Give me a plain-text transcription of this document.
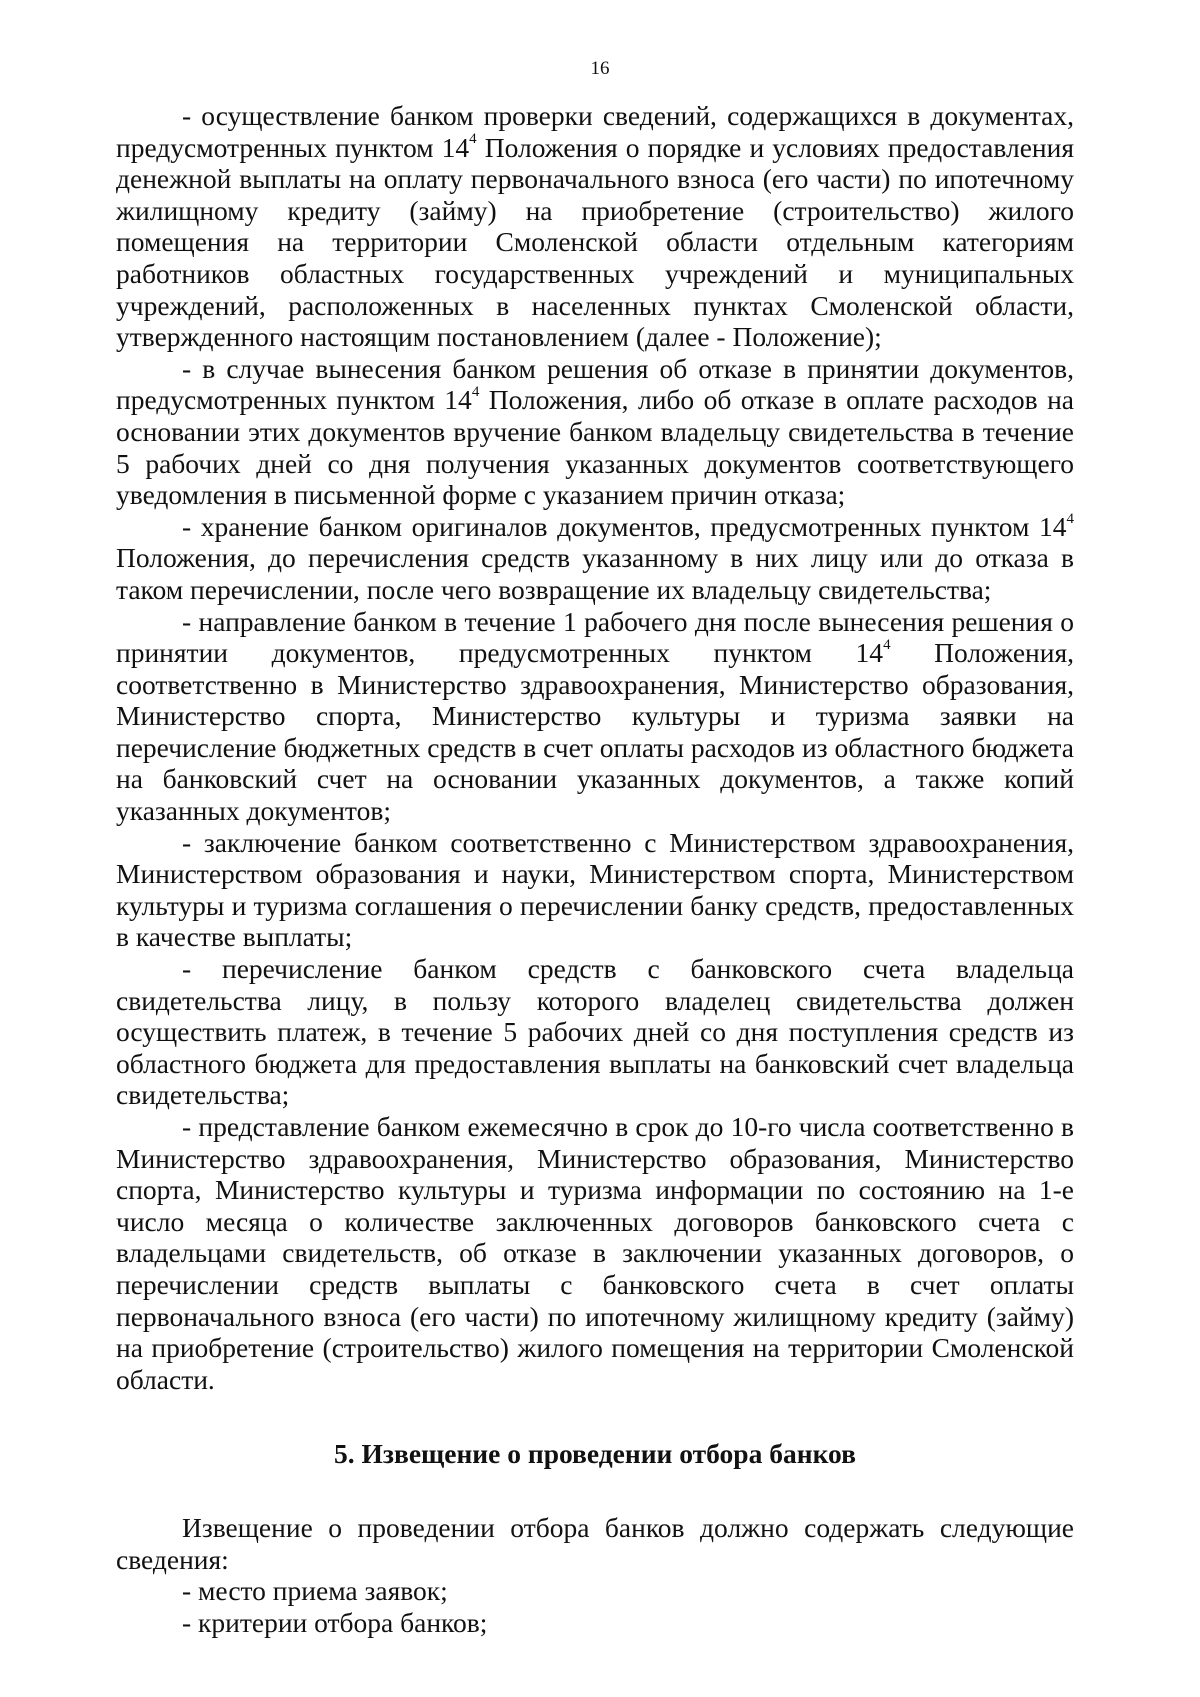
16

- осуществление банком проверки сведений, содержащихся в документах, предусмотренных пунктом $14^4$ Положения о порядке и условиях предоставления денежной выплаты на оплату первоначального взноса (его части) по ипотечному жилищному кредиту (займу) на приобретение (строительство) жилого помещения на территории Смоленской области отдельным категориям работников областных государственных учреждений и муниципальных учреждений, расположенных в населенных пунктах Смоленской области, утвержденного настоящим постановлением (далее - Положение);

- в случае вынесения банком решения об отказе в принятии документов, предусмотренных пунктом $14^4$ Положения, либо об отказе в оплате расходов на основании этих документов вручение банком владельцу свидетельства в течение 5 рабочих дней со дня получения указанных документов соответствующего уведомления в письменной форме с указанием причин отказа;

- хранение банком оригиналов документов, предусмотренных пунктом $14^4$ Положения, до перечисления средств указанному в них лицу или до отказа в таком перечислении, после чего возвращение их владельцу свидетельства;

- направление банком в течение 1 рабочего дня после вынесения решения о принятии документов, предусмотренных пунктом $14^4$ Положения, соответственно в Министерство здравоохранения, Министерство образования, Министерство спорта, Министерство культуры и туризма заявки на перечисление бюджетных средств в счет оплаты расходов из областного бюджета на банковский счет на основании указанных документов, а также копий указанных документов;

- заключение банком соответственно с Министерством здравоохранения, Министерством образования и науки, Министерством спорта, Министерством культуры и туризма соглашения о перечислении банку средств, предоставленных в качестве выплаты;

- перечисление банком средств с банковского счета владельца свидетельства лицу, в пользу которого владелец свидетельства должен осуществить платеж, в течение 5 рабочих дней со дня поступления средств из областного бюджета для предоставления выплаты на банковский счет владельца свидетельства;

- представление банком ежемесячно в срок до 10-го числа соответственно в Министерство здравоохранения, Министерство образования, Министерство спорта, Министерство культуры и туризма информации по состоянию на 1-е число месяца о количестве заключенных договоров банковского счета с владельцами свидетельств, об отказе в заключении указанных договоров, о перечислении средств выплаты с банковского счета в счет оплаты первоначального взноса (его части) по ипотечному жилищному кредиту (займу) на приобретение (строительство) жилого помещения на территории Смоленской области.

5. Извещение о проведении отбора банков

Извещение о проведении отбора банков должно содержать следующие сведения:

- место приема заявок;

- критерии отбора банков;
